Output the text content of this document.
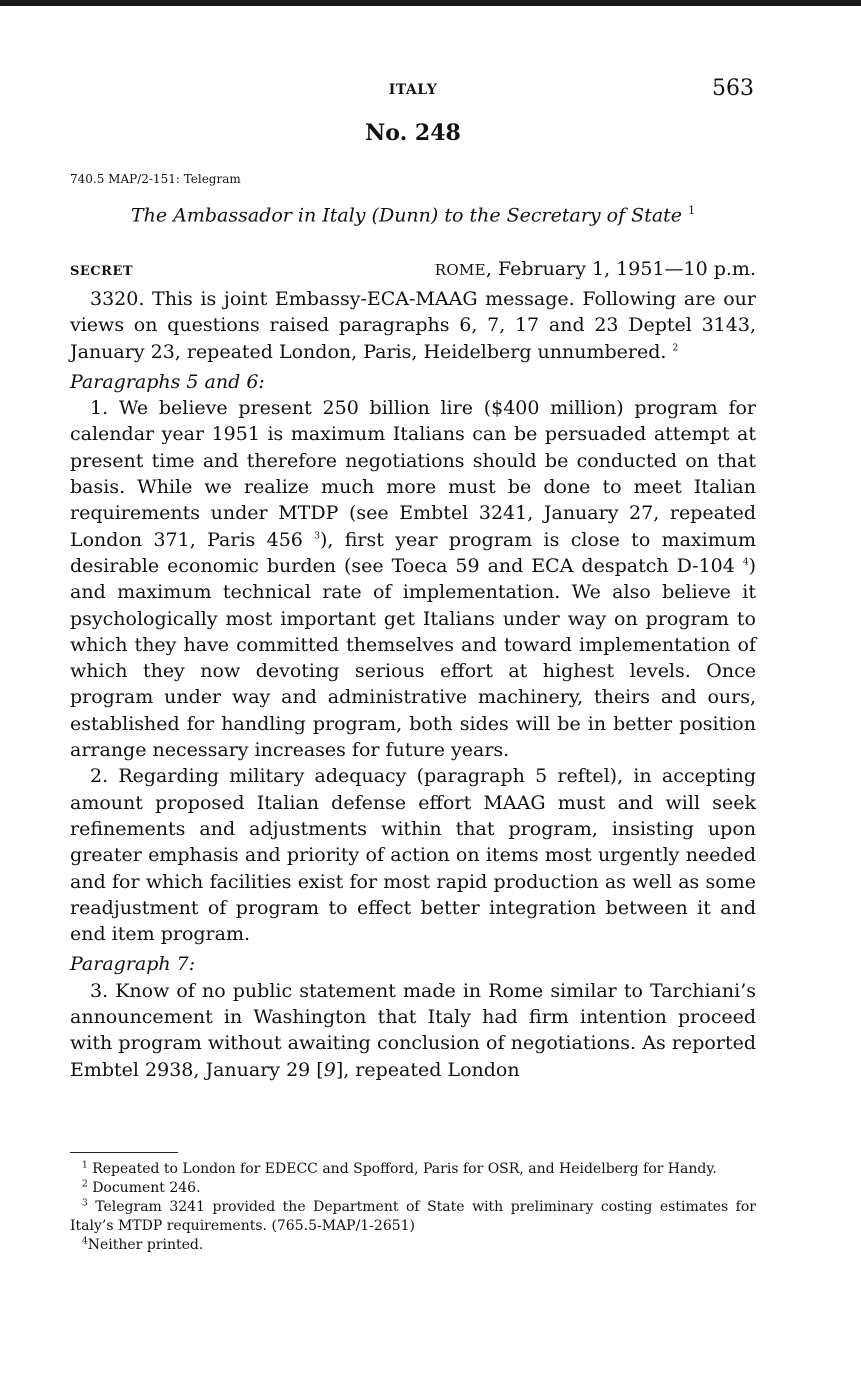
ITALY	563
No. 248
740.5 MAP/2-151: Telegram
The Ambassador in Italy (Dunn) to the Secretary of State $^1$
SECRET	ROME, February 1, 1951—10 p.m.

3320. This is joint Embassy-ECA-MAAG message. Following are our views on questions raised paragraphs 6, 7, 17 and 23 Deptel 3143, January 23, repeated London, Paris, Heidelberg unnumbered. $^2$

Paragraphs 5 and 6:

1. We believe present 250 billion lire ($400 million) program for calendar year 1951 is maximum Italians can be persuaded attempt at present time and therefore negotiations should be conducted on that basis. While we realize much more must be done to meet Italian requirements under MTDP (see Embtel 3241, January 27, repeated London 371, Paris 456 $^3$), first year program is close to maximum desirable economic burden (see Toeca 59 and ECA despatch D-104 $^4$) and maximum technical rate of implementation. We also believe it psychologically most important get Italians under way on program to which they have committed themselves and toward implementation of which they now devoting serious effort at highest levels. Once program under way and administrative machinery, theirs and ours, established for handling program, both sides will be in better position arrange necessary increases for future years.

2. Regarding military adequacy (paragraph 5 reftel), in accepting amount proposed Italian defense effort MAAG must and will seek refinements and adjustments within that program, insisting upon greater emphasis and priority of action on items most urgently needed and for which facilities exist for most rapid production as well as some readjustment of program to effect better integration between it and end item program.

Paragraph 7:

3. Know of no public statement made in Rome similar to Tarchiani’s announcement in Washington that Italy had firm intention proceed with program without awaiting conclusion of negotiations. As reported Embtel 2938, January 29 [9], repeated London

$^1$ Repeated to London for EDECC and Spofford, Paris for OSR, and Heidelberg for Handy.
$^2$ Document 246.
$^3$ Telegram 3241 provided the Department of State with preliminary costing estimates for Italy’s MTDP requirements. (765.5-MAP/1-2651)
$^4$Neither printed.
